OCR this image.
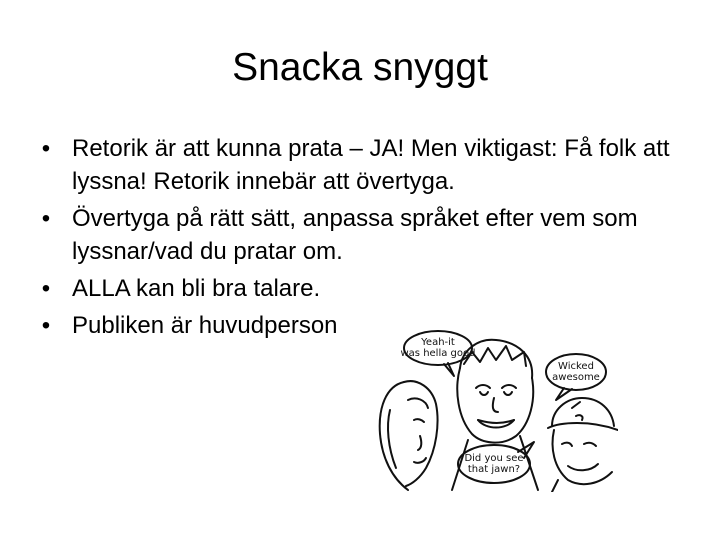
Snacka snyggt
• Retorik är att kunna prata – JA! Men viktigast: Få folk att lyssna! Retorik innebär att övertyga.
• Övertyga på rätt sätt, anpassa språket efter vem som lyssnar/vad du pratar om.
• ALLA kan bli bra talare.
• Publiken är huvudperson
Yeah-it
was hella good
Wicked
awesome
Did you see
that jawn?
